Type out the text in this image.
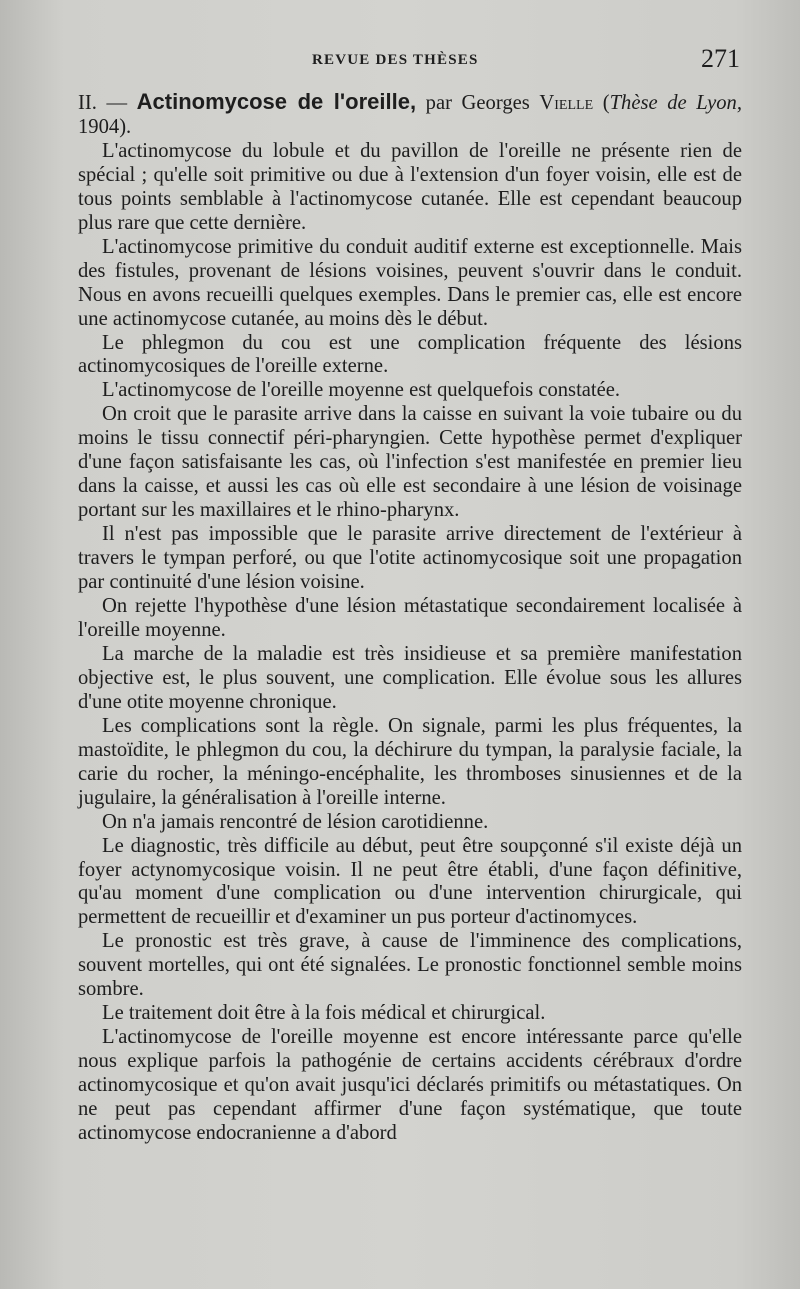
REVUE DES THÈSES	271

II. — Actinomycose de l'oreille, par Georges Vielle (Thèse de Lyon, 1904).

L'actinomycose du lobule et du pavillon de l'oreille ne présente rien de spécial ; qu'elle soit primitive ou due à l'extension d'un foyer voisin, elle est de tous points semblable à l'actinomycose cutanée. Elle est cependant beaucoup plus rare que cette dernière.

L'actinomycose primitive du conduit auditif externe est exceptionnelle. Mais des fistules, provenant de lésions voisines, peuvent s'ouvrir dans le conduit. Nous en avons recueilli quelques exemples. Dans le premier cas, elle est encore une actinomycose cutanée, au moins dès le début.

Le phlegmon du cou est une complication fréquente des lésions actinomycosiques de l'oreille externe.

L'actinomycose de l'oreille moyenne est quelquefois constatée.

On croit que le parasite arrive dans la caisse en suivant la voie tubaire ou du moins le tissu connectif péri-pharyngien. Cette hypothèse permet d'expliquer d'une façon satisfaisante les cas, où l'infection s'est manifestée en premier lieu dans la caisse, et aussi les cas où elle est secondaire à une lésion de voisinage portant sur les maxillaires et le rhino-pharynx.

Il n'est pas impossible que le parasite arrive directement de l'extérieur à travers le tympan perforé, ou que l'otite actinomycosique soit une propagation par continuité d'une lésion voisine.

On rejette l'hypothèse d'une lésion métastatique secondairement localisée à l'oreille moyenne.

La marche de la maladie est très insidieuse et sa première manifestation objective est, le plus souvent, une complication. Elle évolue sous les allures d'une otite moyenne chronique.

Les complications sont la règle. On signale, parmi les plus fréquentes, la mastoïdite, le phlegmon du cou, la déchirure du tympan, la paralysie faciale, la carie du rocher, la méningo-encéphalite, les thromboses sinusiennes et de la jugulaire, la généralisation à l'oreille interne.

On n'a jamais rencontré de lésion carotidienne.

Le diagnostic, très difficile au début, peut être soupçonné s'il existe déjà un foyer actynomycosique voisin. Il ne peut être établi, d'une façon définitive, qu'au moment d'une complication ou d'une intervention chirurgicale, qui permettent de recueillir et d'examiner un pus porteur d'actinomyces.

Le pronostic est très grave, à cause de l'imminence des complications, souvent mortelles, qui ont été signalées. Le pronostic fonctionnel semble moins sombre.

Le traitement doit être à la fois médical et chirurgical.

L'actinomycose de l'oreille moyenne est encore intéressante parce qu'elle nous explique parfois la pathogénie de certains accidents cérébraux d'ordre actinomycosique et qu'on avait jusqu'ici déclarés primitifs ou métastatiques. On ne peut pas cependant affirmer d'une façon systématique, que toute actinomycose endocranienne a d'abord
